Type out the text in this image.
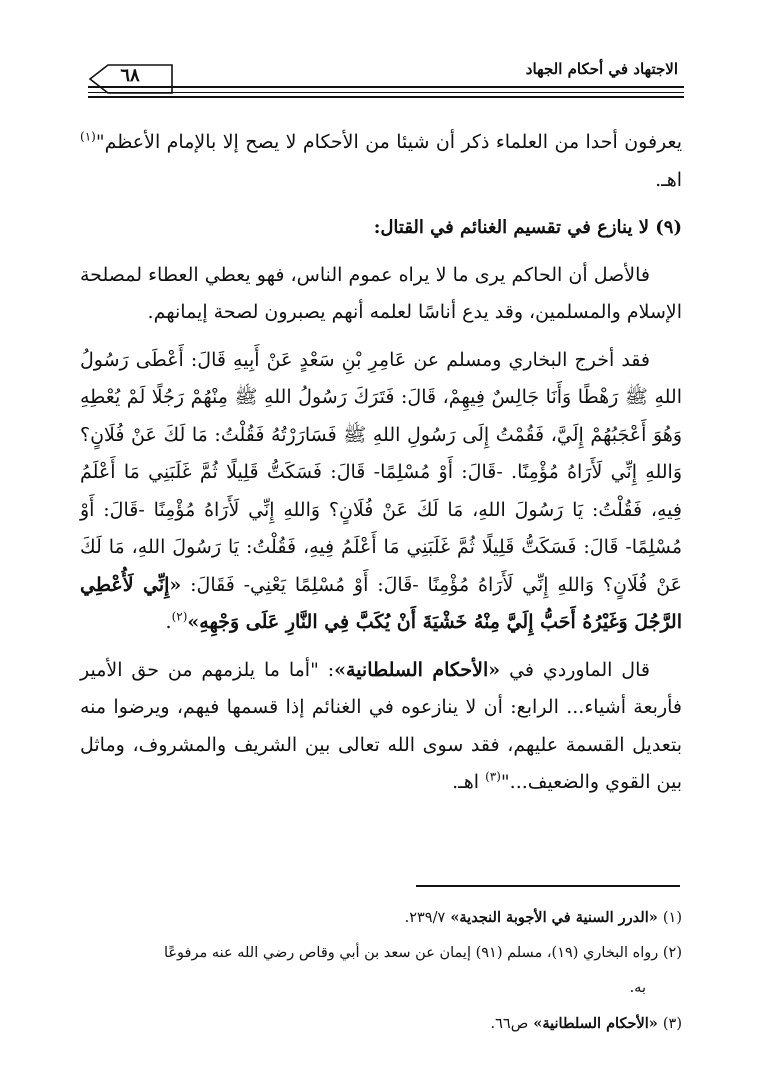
الاجتهاد في أحكام الجهاد
٦٨

يعرفون أحدا من العلماء ذكر أن شيئا من الأحكام لا يصح إلا بالإمام الأعظم"$^{(١)}$ اهـ.

(٩) لا ينازع في تقسيم الغنائم في القتال:

فالأصل أن الحاكم يرى ما لا يراه عموم الناس، فهو يعطي العطاء لمصلحة الإسلام والمسلمين، وقد يدع أناسًا لعلمه أنهم يصبرون لصحة إيمانهم.

فقد أخرج البخاري ومسلم عن عَامِرِ بْنِ سَعْدٍ عَنْ أَبِيهِ قَالَ: أَعْطَى رَسُولُ اللهِ ﷺ رَهْطًا وَأَنَا جَالِسٌ فِيهِمْ، قَالَ: فَتَرَكَ رَسُولُ اللهِ ﷺ مِنْهُمْ رَجُلًا لَمْ يُعْطِهِ وَهُوَ أَعْجَبُهُمْ إِلَيَّ، فَقُمْتُ إِلَى رَسُولِ اللهِ ﷺ فَسَارَرْتُهُ فَقُلْتُ: مَا لَكَ عَنْ فُلَانٍ؟ وَاللهِ إِنِّي لَأَرَاهُ مُؤْمِنًا. -قَالَ: أَوْ مُسْلِمًا- قَالَ: فَسَكَتُّ قَلِيلًا ثُمَّ غَلَبَنِي مَا أَعْلَمُ فِيهِ، فَقُلْتُ: يَا رَسُولَ اللهِ، مَا لَكَ عَنْ فُلَانٍ؟ وَاللهِ إِنِّي لَأَرَاهُ مُؤْمِنًا -قَالَ: أَوْ مُسْلِمًا- قَالَ: فَسَكَتُّ قَلِيلًا ثُمَّ غَلَبَنِي مَا أَعْلَمُ فِيهِ، فَقُلْتُ: يَا رَسُولَ اللهِ، مَا لَكَ عَنْ فُلَانٍ؟ وَاللهِ إِنِّي لَأَرَاهُ مُؤْمِنًا -قَالَ: أَوْ مُسْلِمًا يَعْنِي- فَقَالَ: «إِنِّي لَأُعْطِي الرَّجُلَ وَغَيْرُهُ أَحَبُّ إِلَيَّ مِنْهُ خَشْيَةَ أَنْ يُكَبَّ فِي النَّارِ عَلَى وَجْهِهِ»$^{(٢)}$.

قال الماوردي في «الأحكام السلطانية»: "أما ما يلزمهم من حق الأمير فأربعة أشياء... الرابع: أن لا ينازعوه في الغنائم إذا قسمها فيهم، ويرضوا منه بتعديل القسمة عليهم، فقد سوى الله تعالى بين الشريف والمشروف، وماثل بين القوي والضعيف..."$^{(٣)}$ اهـ.

(١) «الدرر السنية في الأجوبة النجدية» ٢٣٩/٧.

(٢) رواه البخاري (١٩)، مسلم (٩١) إيمان عن سعد بن أبي وقاص رضي الله عنه مرفوعًا

به.

(٣) «الأحكام السلطانية» ص٦٦.
